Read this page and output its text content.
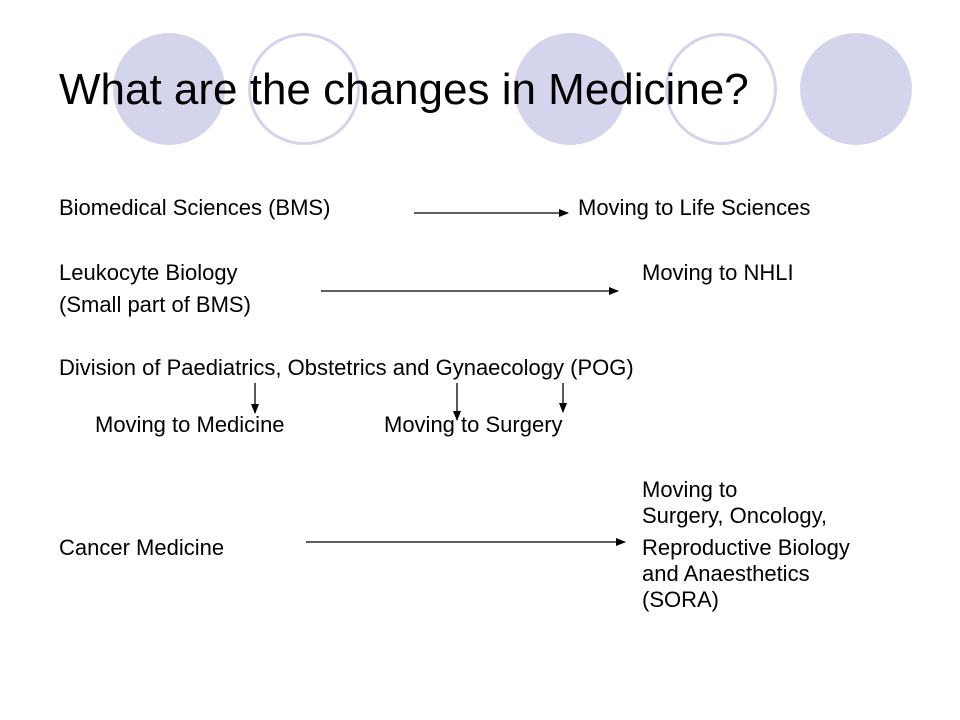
What are the changes in Medicine?
Biomedical Sciences (BMS)	Moving to Life Sciences
Leukocyte Biology
(Small part of BMS)
Moving to NHLI
Division of Paediatrics, Obstetrics and Gynaecology (POG)
Moving to Medicine	Moving to Surgery
Cancer Medicine
Moving to
Surgery, Oncology,
Reproductive Biology
and Anaesthetics
(SORA)
